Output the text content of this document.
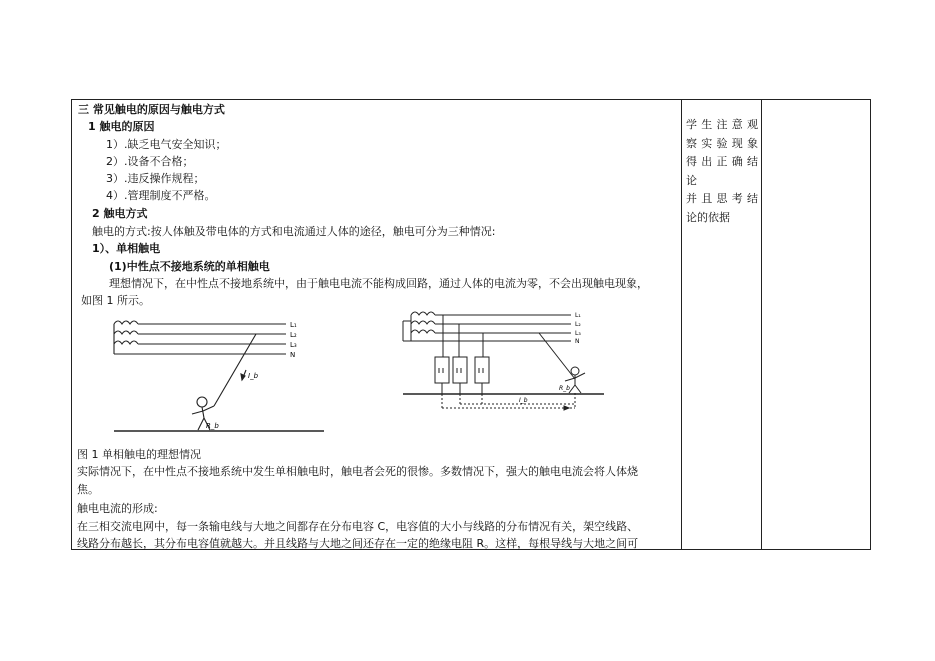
三 常见触电的原因与触电方式
1 触电的原因
1）.缺乏电气安全知识；
2）.设备不合格；
3）.违反操作规程；
4）.管理制度不严格。
2 触电方式
触电的方式:按人体触及带电体的方式和电流通过人体的途径，触电可分为三种情况:
1）、单相触电
(1)中性点不接地系统的单相触电
理想情况下，在中性点不接地系统中，由于触电电流不能构成回路，通过人体的电流为零，不会出现触电现象，
如图 1 所示。
L₁
L₂
L₃
N
I_b
R_b
L₁
L₂
L₃
N
I_b
R_b
图 1 单相触电的理想情况
实际情况下，在中性点不接地系统中发生单相触电时，触电者会死的很惨。多数情况下，强大的触电电流会将人体烧
焦。
触电电流的形成:
在三相交流电网中，每一条输电线与大地之间都存在分布电容 C，电容值的大小与线路的分布情况有关，架空线路、
线路分布越长，其分布电容值就越大。并且线路与大地之间还存在一定的绝缘电阻 R。这样，每根导线与大地之间可
学生注意观
察实验现象
得出正确结
论
并且思考结
论的依据
